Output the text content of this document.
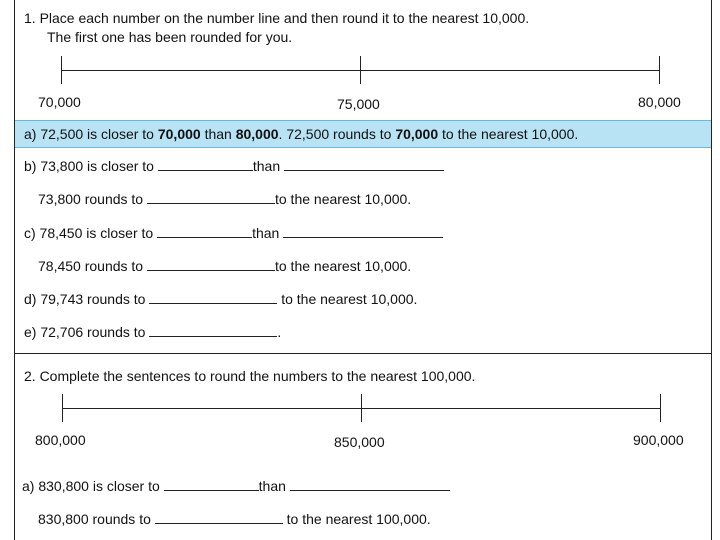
1. Place each number on the number line and then round it to the nearest 10,000.
The first one has been rounded for you.
70,000	75,000	80,000
a) 72,500 is closer to 70,000 than 80,000. 72,500 rounds to 70,000 to the nearest 10,000.
b) 73,800 is closer to	than
73,800 rounds to	to the nearest 10,000.
c) 78,450 is closer to	than
78,450 rounds to	to the nearest 10,000.
d) 79,743 rounds to	to the nearest 10,000.
e) 72,706 rounds to	.
2. Complete the sentences to round the numbers to the nearest 100,000.
800,000	850,000	900,000
a) 830,800 is closer to	than
830,800 rounds to	to the nearest 100,000.
